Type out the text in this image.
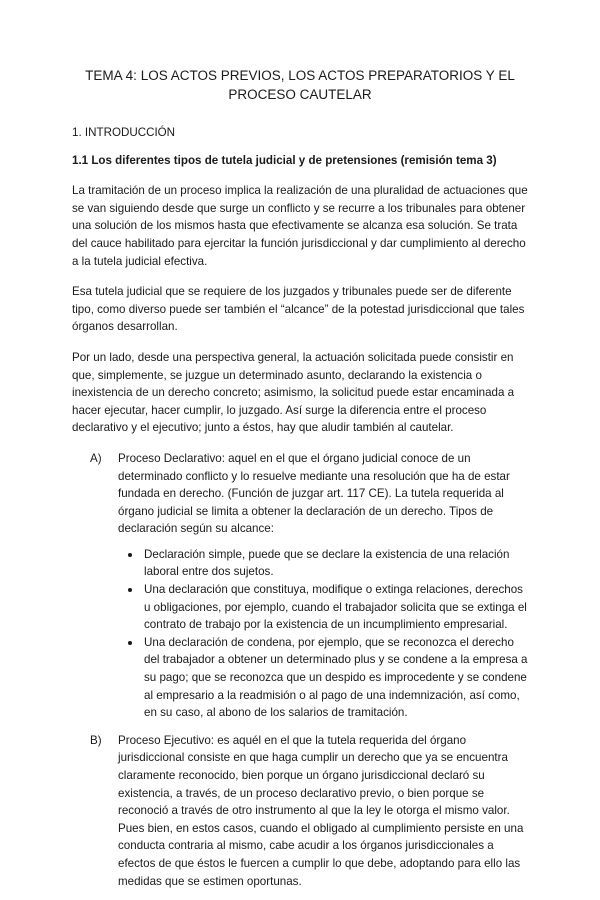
TEMA 4: LOS ACTOS PREVIOS, LOS ACTOS PREPARATORIOS Y EL PROCESO CAUTELAR
1. INTRODUCCIÓN
1.1 Los diferentes tipos de tutela judicial y de pretensiones (remisión tema 3)

La tramitación de un proceso implica la realización de una pluralidad de actuaciones que se van siguiendo desde que surge un conflicto y se recurre a los tribunales para obtener una solución de los mismos hasta que efectivamente se alcanza esa solución. Se trata del cauce habilitado para ejercitar la función jurisdiccional y dar cumplimiento al derecho a la tutela judicial efectiva.

Esa tutela judicial que se requiere de los juzgados y tribunales puede ser de diferente tipo, como diverso puede ser también el “alcance” de la potestad jurisdiccional que tales órganos desarrollan.

Por un lado, desde una perspectiva general, la actuación solicitada puede consistir en que, simplemente, se juzgue un determinado asunto, declarando la existencia o inexistencia de un derecho concreto; asimismo, la solicitud puede estar encaminada a hacer ejecutar, hacer cumplir, lo juzgado. Así surge la diferencia entre el proceso declarativo y el ejecutivo; junto a éstos, hay que aludir también al cautelar.

A) Proceso Declarativo: aquel en el que el órgano judicial conoce de un determinado conflicto y lo resuelve mediante una resolución que ha de estar fundada en derecho. (Función de juzgar art. 117 CE). La tutela requerida al órgano judicial se limita a obtener la declaración de un derecho. Tipos de declaración según su alcance:
Declaración simple, puede que se declare la existencia de una relación laboral entre dos sujetos.
Una declaración que constituya, modifique o extinga relaciones, derechos u obligaciones, por ejemplo, cuando el trabajador solicita que se extinga el contrato de trabajo por la existencia de un incumplimiento empresarial.
Una declaración de condena, por ejemplo, que se reconozca el derecho del trabajador a obtener un determinado plus y se condene a la empresa a su pago; que se reconozca que un despido es improcedente y se condene al empresario a la readmisión o al pago de una indemnización, así como, en su caso, al abono de los salarios de tramitación.
B) Proceso Ejecutivo: es aquél en el que la tutela requerida del órgano jurisdiccional consiste en que haga cumplir un derecho que ya se encuentra claramente reconocido, bien porque un órgano jurisdiccional declaró su existencia, a través, de un proceso declarativo previo, o bien porque se reconoció a través de otro instrumento al que la ley le otorga el mismo valor. Pues bien, en estos casos, cuando el obligado al cumplimiento persiste en una conducta contraria al mismo, cabe acudir a los órganos jurisdiccionales a efectos de que éstos le fuercen a cumplir lo que debe, adoptando para ello las medidas que se estimen oportunas.
